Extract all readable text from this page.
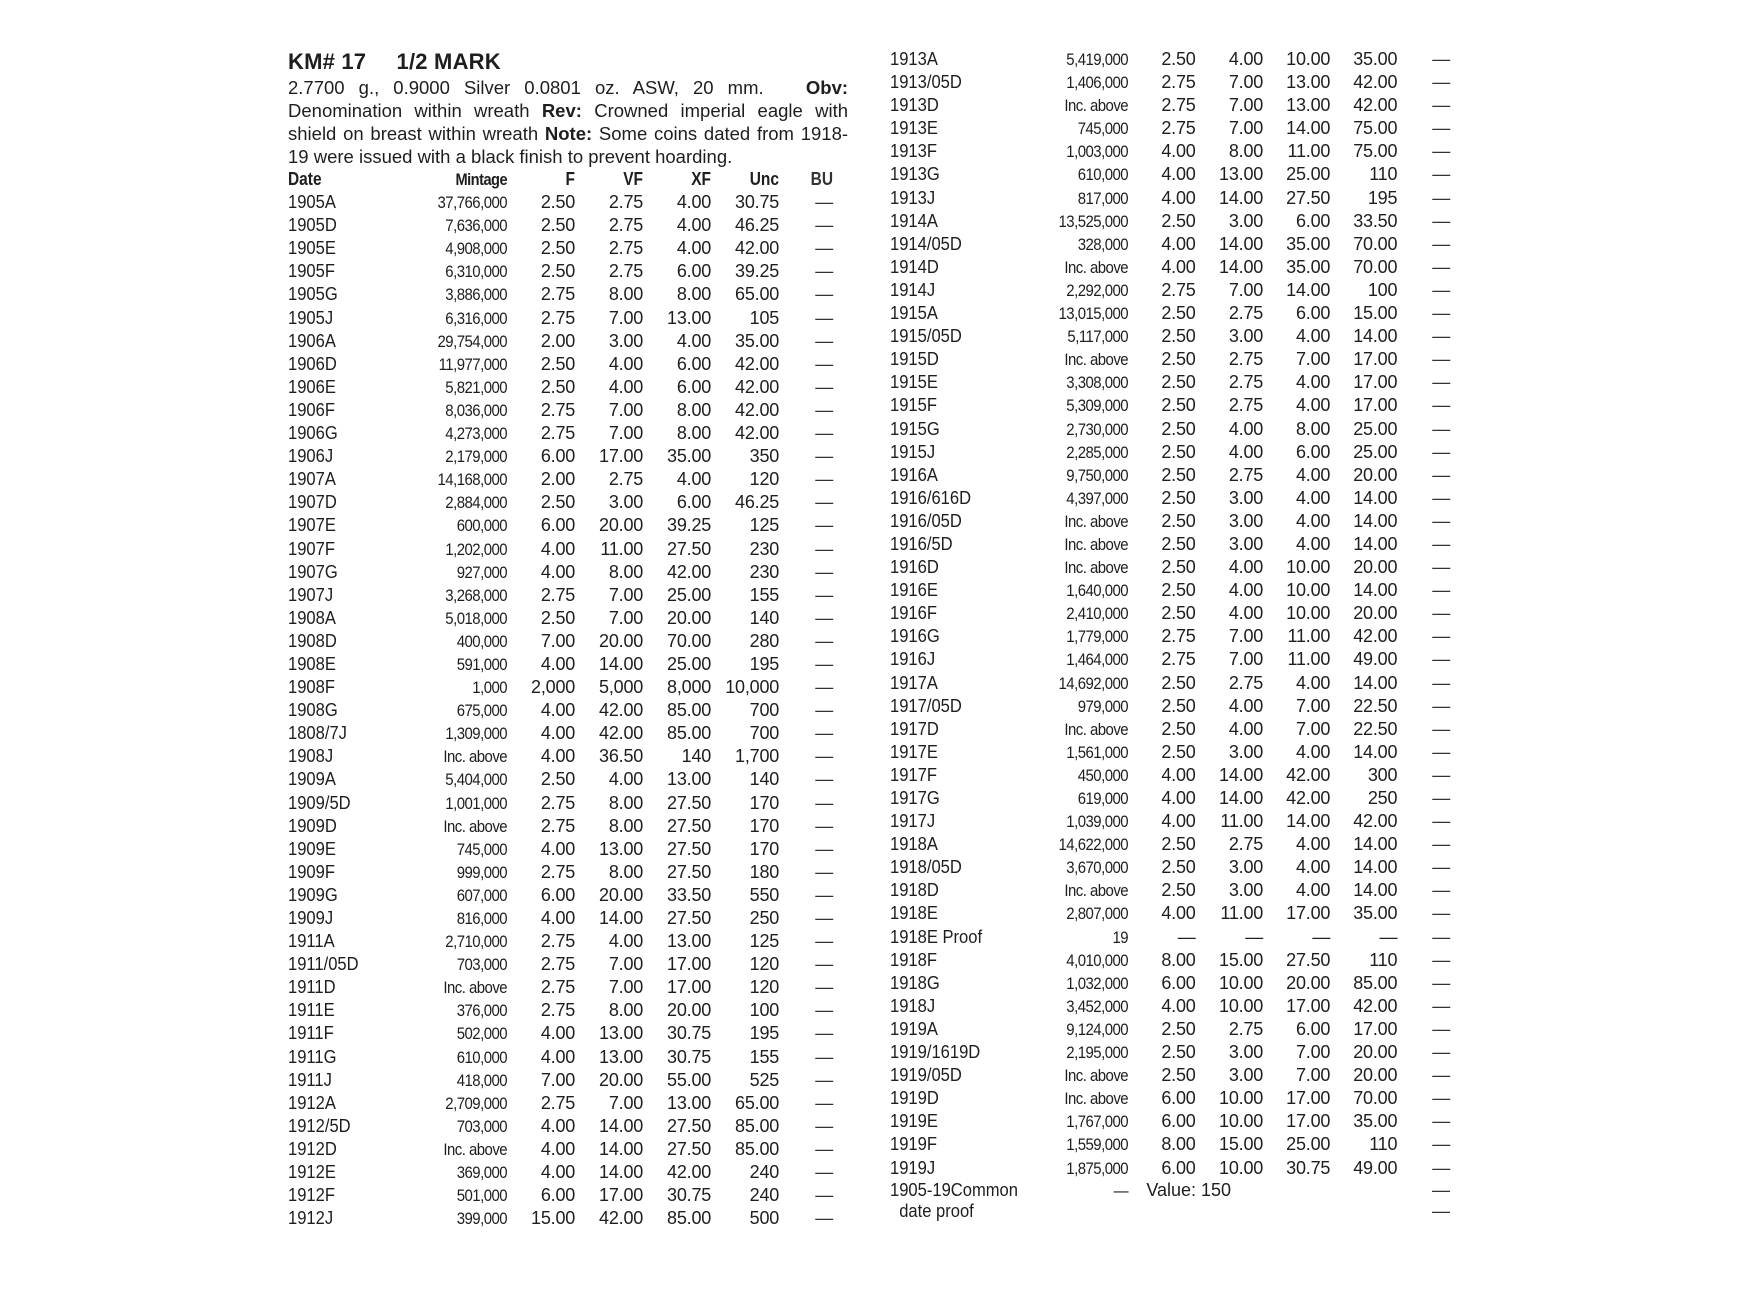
KM# 17 1/2 MARK
2.7700 g., 0.9000 Silver 0.0801 oz. ASW, 20 mm. Obv: Denomination within wreath Rev: Crowned imperial eagle with shield on breast within wreath Note: Some coins dated from 1918-19 were issued with a black finish to prevent hoarding.
Date	Mintage	F	VF	XF	Unc	BU
1905A	37,766,000	2.50	2.75	4.00	30.75	—
1905D	7,636,000	2.50	2.75	4.00	46.25	—
1905E	4,908,000	2.50	2.75	4.00	42.00	—
1905F	6,310,000	2.50	2.75	6.00	39.25	—
1905G	3,886,000	2.75	8.00	8.00	65.00	—
1905J	6,316,000	2.75	7.00	13.00	105	—
1906A	29,754,000	2.00	3.00	4.00	35.00	—
1906D	11,977,000	2.50	4.00	6.00	42.00	—
1906E	5,821,000	2.50	4.00	6.00	42.00	—
1906F	8,036,000	2.75	7.00	8.00	42.00	—
1906G	4,273,000	2.75	7.00	8.00	42.00	—
1906J	2,179,000	6.00	17.00	35.00	350	—
1907A	14,168,000	2.00	2.75	4.00	120	—
1907D	2,884,000	2.50	3.00	6.00	46.25	—
1907E	600,000	6.00	20.00	39.25	125	—
1907F	1,202,000	4.00	11.00	27.50	230	—
1907G	927,000	4.00	8.00	42.00	230	—
1907J	3,268,000	2.75	7.00	25.00	155	—
1908A	5,018,000	2.50	7.00	20.00	140	—
1908D	400,000	7.00	20.00	70.00	280	—
1908E	591,000	4.00	14.00	25.00	195	—
1908F	1,000	2,000	5,000	8,000	10,000	—
1908G	675,000	4.00	42.00	85.00	700	—
1808/7J	1,309,000	4.00	42.00	85.00	700	—
1908J	Inc. above	4.00	36.50	140	1,700	—
1909A	5,404,000	2.50	4.00	13.00	140	—
1909/5D	1,001,000	2.75	8.00	27.50	170	—
1909D	Inc. above	2.75	8.00	27.50	170	—
1909E	745,000	4.00	13.00	27.50	170	—
1909F	999,000	2.75	8.00	27.50	180	—
1909G	607,000	6.00	20.00	33.50	550	—
1909J	816,000	4.00	14.00	27.50	250	—
1911A	2,710,000	2.75	4.00	13.00	125	—
1911/05D	703,000	2.75	7.00	17.00	120	—
1911D	Inc. above	2.75	7.00	17.00	120	—
1911E	376,000	2.75	8.00	20.00	100	—
1911F	502,000	4.00	13.00	30.75	195	—
1911G	610,000	4.00	13.00	30.75	155	—
1911J	418,000	7.00	20.00	55.00	525	—
1912A	2,709,000	2.75	7.00	13.00	65.00	—
1912/5D	703,000	4.00	14.00	27.50	85.00	—
1912D	Inc. above	4.00	14.00	27.50	85.00	—
1912E	369,000	4.00	14.00	42.00	240	—
1912F	501,000	6.00	17.00	30.75	240	—
1912J	399,000	15.00	42.00	85.00	500	—
1913A	5,419,000	2.50	4.00	10.00	35.00	—
1913/05D	1,406,000	2.75	7.00	13.00	42.00	—
1913D	Inc. above	2.75	7.00	13.00	42.00	—
1913E	745,000	2.75	7.00	14.00	75.00	—
1913F	1,003,000	4.00	8.00	11.00	75.00	—
1913G	610,000	4.00	13.00	25.00	110	—
1913J	817,000	4.00	14.00	27.50	195	—
1914A	13,525,000	2.50	3.00	6.00	33.50	—
1914/05D	328,000	4.00	14.00	35.00	70.00	—
1914D	Inc. above	4.00	14.00	35.00	70.00	—
1914J	2,292,000	2.75	7.00	14.00	100	—
1915A	13,015,000	2.50	2.75	6.00	15.00	—
1915/05D	5,117,000	2.50	3.00	4.00	14.00	—
1915D	Inc. above	2.50	2.75	7.00	17.00	—
1915E	3,308,000	2.50	2.75	4.00	17.00	—
1915F	5,309,000	2.50	2.75	4.00	17.00	—
1915G	2,730,000	2.50	4.00	8.00	25.00	—
1915J	2,285,000	2.50	4.00	6.00	25.00	—
1916A	9,750,000	2.50	2.75	4.00	20.00	—
1916/616D	4,397,000	2.50	3.00	4.00	14.00	—
1916/05D	Inc. above	2.50	3.00	4.00	14.00	—
1916/5D	Inc. above	2.50	3.00	4.00	14.00	—
1916D	Inc. above	2.50	4.00	10.00	20.00	—
1916E	1,640,000	2.50	4.00	10.00	14.00	—
1916F	2,410,000	2.50	4.00	10.00	20.00	—
1916G	1,779,000	2.75	7.00	11.00	42.00	—
1916J	1,464,000	2.75	7.00	11.00	49.00	—
1917A	14,692,000	2.50	2.75	4.00	14.00	—
1917/05D	979,000	2.50	4.00	7.00	22.50	—
1917D	Inc. above	2.50	4.00	7.00	22.50	—
1917E	1,561,000	2.50	3.00	4.00	14.00	—
1917F	450,000	4.00	14.00	42.00	300	—
1917G	619,000	4.00	14.00	42.00	250	—
1917J	1,039,000	4.00	11.00	14.00	42.00	—
1918A	14,622,000	2.50	2.75	4.00	14.00	—
1918/05D	3,670,000	2.50	3.00	4.00	14.00	—
1918D	Inc. above	2.50	3.00	4.00	14.00	—
1918E	2,807,000	4.00	11.00	17.00	35.00	—
1918E Proof	19	—	—	—	—	—
1918F	4,010,000	8.00	15.00	27.50	110	—
1918G	1,032,000	6.00	10.00	20.00	85.00	—
1918J	3,452,000	4.00	10.00	17.00	42.00	—
1919A	9,124,000	2.50	2.75	6.00	17.00	—
1919/1619D	2,195,000	2.50	3.00	7.00	20.00	—
1919/05D	Inc. above	2.50	3.00	7.00	20.00	—
1919D	Inc. above	6.00	10.00	17.00	70.00	—
1919E	1,767,000	6.00	10.00	17.00	35.00	—
1919F	1,559,000	8.00	15.00	25.00	110	—
1919J	1,875,000	6.00	10.00	30.75	49.00	—
1905-19Common	—	Value: 150				—
date proof						—
